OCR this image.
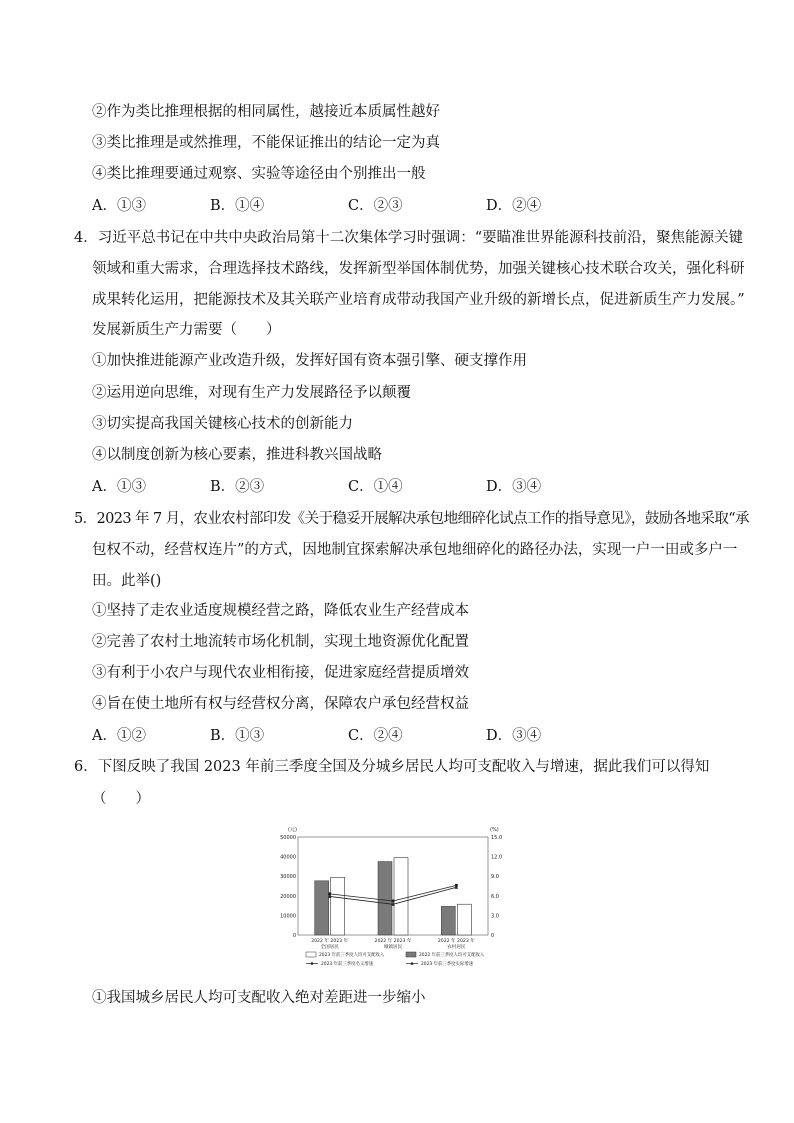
②作为类比推理根据的相同属性，越接近本质属性越好
③类比推理是或然推理，不能保证推出的结论一定为真
④类比推理要通过观察、实验等途径由个别推出一般
A．①③	B．①④	C．②③	D．②④
4．习近平总书记在中共中央政治局第十二次集体学习时强调：“要瞄准世界能源科技前沿，聚焦能源关键
领域和重大需求，合理选择技术路线，发挥新型举国体制优势，加强关键核心技术联合攻关，强化科研
成果转化运用，把能源技术及其关联产业培育成带动我国产业升级的新增长点，促进新质生产力发展。”
发展新质生产力需要（　　）
①加快推进能源产业改造升级，发挥好国有资本强引擎、硬支撑作用
②运用逆向思维，对现有生产力发展路径予以颠覆
③切实提高我国关键核心技术的创新能力
④以制度创新为核心要素，推进科教兴国战略
A．①③	B．②③	C．①④	D．③④
5．2023 年 7 月，农业农村部印发《关于稳妥开展解决承包地细碎化试点工作的指导意见》，鼓励各地采取“承
包权不动，经营权连片”的方式，因地制宜探索解决承包地细碎化的路径办法，实现一户一田或多户一
田。此举()
①坚持了走农业适度规模经营之路，降低农业生产经营成本
②完善了农村土地流转市场化机制，实现土地资源优化配置
③有利于小农户与现代农业相衔接，促进家庭经营提质增效
④旨在使土地所有权与经营权分离，保障农户承包经营权益
A．①②	B．①③	C．②④	D．③④
6．下图反映了我国 2023 年前三季度全国及分城乡居民人均可支配收入与增速，据此我们可以得知
（　　）
(元)	(%)
0
10000
20000
30000
40000
50000
0
3.0
6.0
9.0
12.0
15.0
2022 年 2023 年
全国居民
2022 年 2023 年
城镇居民
2022 年 2023 年
农村居民
2023 年前三季度人均可支配收入	2022 年前三季度人均可支配收入
2023 年前三季度名义增速	2023 年前三季度实际增速
①我国城乡居民人均可支配收入绝对差距进一步缩小
